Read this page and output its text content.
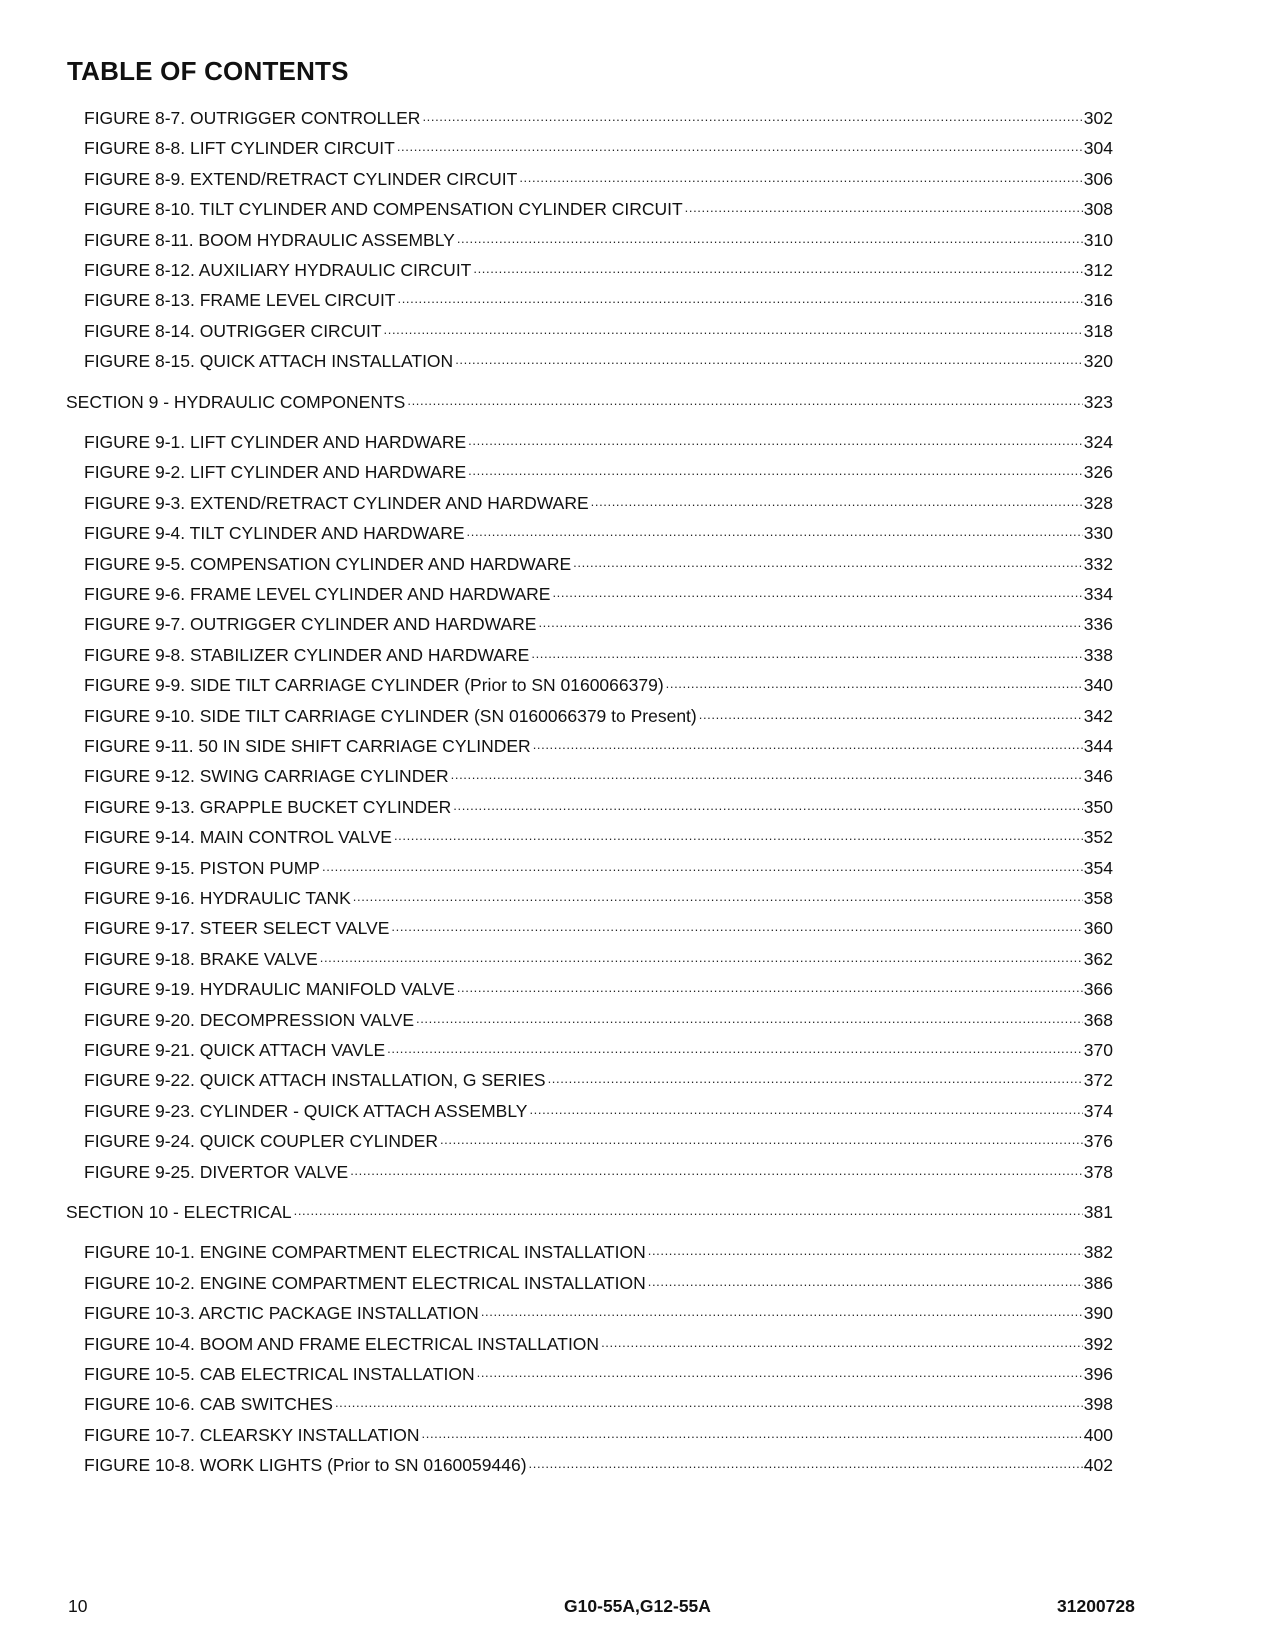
TABLE OF CONTENTS
FIGURE 8-7. OUTRIGGER CONTROLLER .....	302
FIGURE 8-8. LIFT CYLINDER CIRCUIT .....	304
FIGURE 8-9. EXTEND/RETRACT CYLINDER CIRCUIT .....	306
FIGURE 8-10. TILT CYLINDER AND COMPENSATION CYLINDER CIRCUIT .....	308
FIGURE 8-11. BOOM HYDRAULIC ASSEMBLY .....	310
FIGURE 8-12. AUXILIARY HYDRAULIC CIRCUIT .....	312
FIGURE 8-13. FRAME LEVEL CIRCUIT .....	316
FIGURE 8-14. OUTRIGGER CIRCUIT .....	318
FIGURE 8-15. QUICK ATTACH INSTALLATION .....	320
SECTION 9 - HYDRAULIC COMPONENTS .....	323
FIGURE 9-1. LIFT CYLINDER AND HARDWARE .....	324
FIGURE 9-2. LIFT CYLINDER AND HARDWARE .....	326
FIGURE 9-3. EXTEND/RETRACT CYLINDER AND HARDWARE .....	328
FIGURE 9-4. TILT CYLINDER AND HARDWARE .....	330
FIGURE 9-5. COMPENSATION CYLINDER AND HARDWARE .....	332
FIGURE 9-6. FRAME LEVEL CYLINDER AND HARDWARE .....	334
FIGURE 9-7. OUTRIGGER CYLINDER AND HARDWARE .....	336
FIGURE 9-8. STABILIZER CYLINDER AND HARDWARE .....	338
FIGURE 9-9. SIDE TILT CARRIAGE CYLINDER (Prior to SN 0160066379) .....	340
FIGURE 9-10. SIDE TILT CARRIAGE CYLINDER (SN 0160066379 to Present) .....	342
FIGURE 9-11. 50 IN SIDE SHIFT CARRIAGE CYLINDER .....	344
FIGURE 9-12. SWING CARRIAGE CYLINDER .....	346
FIGURE 9-13. GRAPPLE BUCKET CYLINDER .....	350
FIGURE 9-14. MAIN CONTROL VALVE .....	352
FIGURE 9-15. PISTON PUMP .....	354
FIGURE 9-16. HYDRAULIC TANK .....	358
FIGURE 9-17. STEER SELECT VALVE .....	360
FIGURE 9-18. BRAKE VALVE .....	362
FIGURE 9-19. HYDRAULIC MANIFOLD VALVE .....	366
FIGURE 9-20. DECOMPRESSION VALVE .....	368
FIGURE 9-21. QUICK ATTACH VAVLE .....	370
FIGURE 9-22. QUICK ATTACH INSTALLATION, G SERIES .....	372
FIGURE 9-23. CYLINDER - QUICK ATTACH ASSEMBLY .....	374
FIGURE 9-24. QUICK COUPLER CYLINDER .....	376
FIGURE 9-25. DIVERTOR VALVE .....	378
SECTION 10 - ELECTRICAL .....	381
FIGURE 10-1. ENGINE COMPARTMENT ELECTRICAL INSTALLATION .....	382
FIGURE 10-2. ENGINE COMPARTMENT ELECTRICAL INSTALLATION .....	386
FIGURE 10-3. ARCTIC PACKAGE INSTALLATION .....	390
FIGURE 10-4. BOOM AND FRAME ELECTRICAL INSTALLATION .....	392
FIGURE 10-5. CAB ELECTRICAL INSTALLATION .....	396
FIGURE 10-6. CAB SWITCHES .....	398
FIGURE 10-7. CLEARSKY INSTALLATION .....	400
FIGURE 10-8. WORK LIGHTS (Prior to SN 0160059446) .....	402
10	G10-55A,G12-55A	31200728
